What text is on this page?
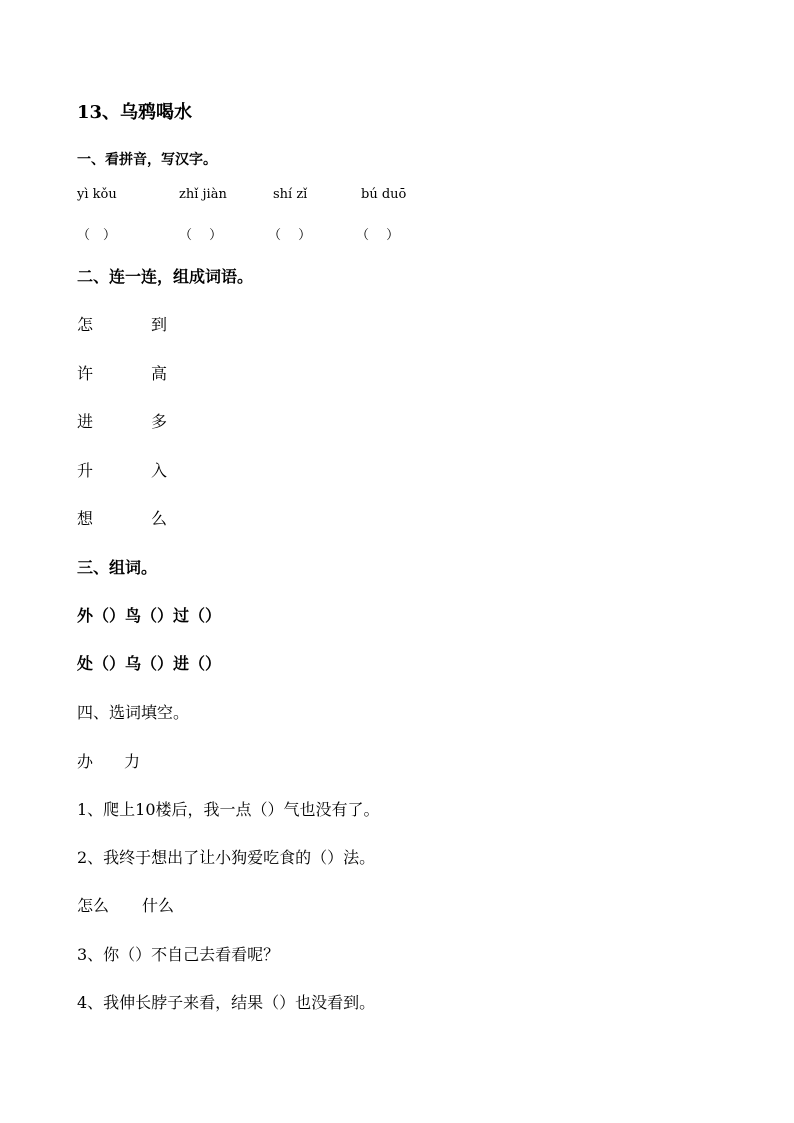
13、乌鸦喝水
一、看拼音，写汉字。
yì kǒu	zhǐ jiàn	shí zǐ	bú duō
（　）	（　 ）	（　 ）	（　 ）
二、连一连，组成词语。
怎	到
许	高
进	多
升	入
想	么
三、组词。
外（）鸟（）过（）
处（）乌（）进（）
四、选词填空。
办 力
1、爬上10楼后，我一点（）气也没有了。
2、我终于想出了让小狗爱吃食的（）法。
怎么 什么
3、你（）不自己去看看呢？
4、我伸长脖子来看，结果（）也没看到。
